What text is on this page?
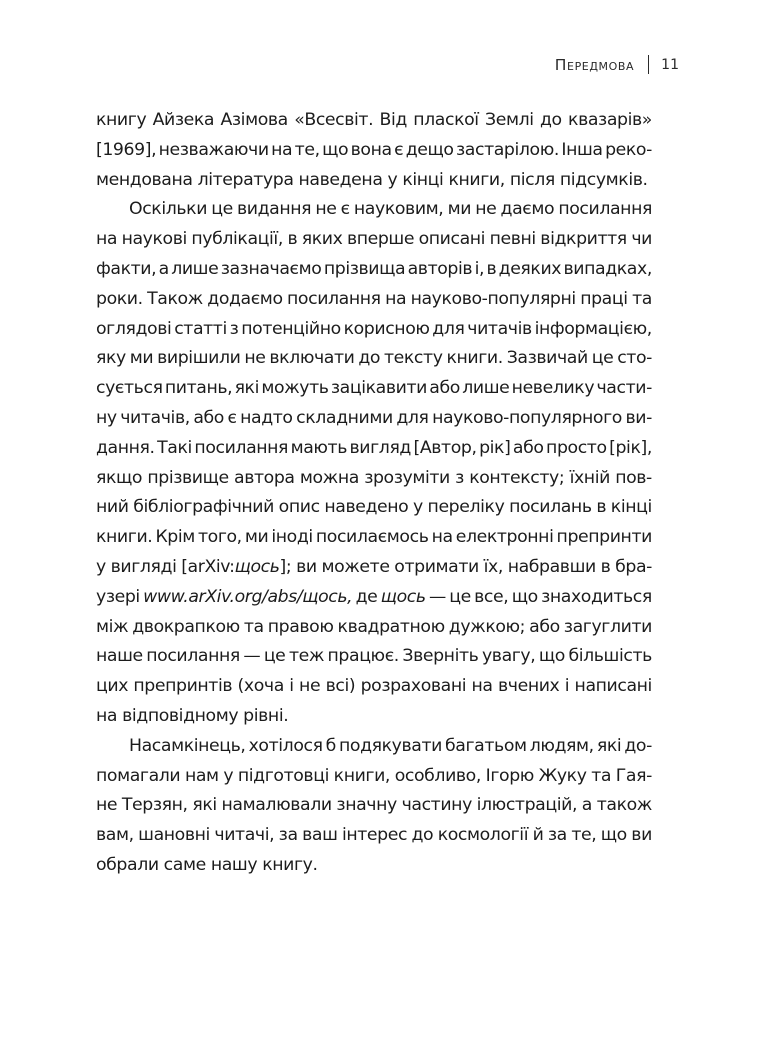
Передмова 11
книгу Айзека Азімова «Всесвіт. Від пласкої Землі до квазарів»
[1969], незважаючи на те, що вона є дещо застарілою. Інша реко-
мендована література наведена у кінці книги, після підсумків.
Оскільки це видання не є науковим, ми не даємо посилання
на наукові публікації, в яких вперше описані певні відкриття чи
факти, а лише зазначаємо прізвища авторів і, в деяких випадках,
роки. Також додаємо посилання на науково-популярні праці та
оглядові статті з потенційно корисною для читачів інформацією,
яку ми вирішили не включати до тексту книги. Зазвичай це сто-
сується питань, які можуть зацікавити або лише невелику части-
ну читачів, або є надто складними для науково-популярного ви-
дання. Такі посилання мають вигляд [Автор, рік] або просто [рік],
якщо прізвище автора можна зрозуміти з контексту; їхній пов-
ний бібліографічний опис наведено у переліку посилань в кінці
книги. Крім того, ми іноді посилаємось на електронні препринти
у вигляді [arXiv:щось]; ви можете отримати їх, набравши в бра-
узері www.arXiv.org/abs/щось, де щось — це все, що знаходиться
між двокрапкою та правою квадратною дужкою; або загуглити
наше посилання — це теж працює. Зверніть увагу, що більшість
цих препринтів (хоча і не всі) розраховані на вчених і написані
на відповідному рівні.
Насамкінець, хотілося б подякувати багатьом людям, які до-
помагали нам у підготовці книги, особливо, Ігорю Жуку та Гая-
не Терзян, які намалювали значну частину ілюстрацій, а також
вам, шановні читачі, за ваш інтерес до космології й за те, що ви
обрали саме нашу книгу.
